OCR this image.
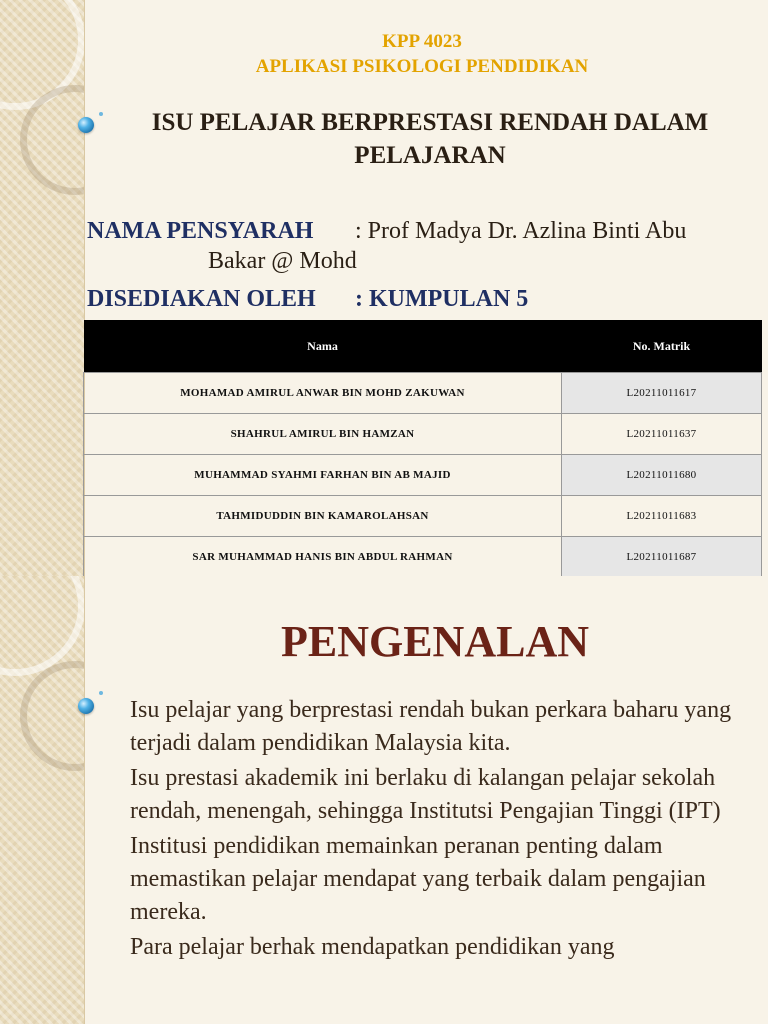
KPP 4023
APLIKASI PSIKOLOGI PENDIDIKAN
ISU PELAJAR BERPRESTASI RENDAH DALAM
PELAJARAN
NAMA PENSYARAH : Prof Madya Dr. Azlina Binti Abu
Bakar @ Mohd
DISEDIAKAN OLEH : KUMPULAN 5
Nama	No. Matrik
MOHAMAD AMIRUL ANWAR BIN MOHD ZAKUWAN	L20211011617
SHAHRUL AMIRUL BIN HAMZAN	L20211011637
MUHAMMAD SYAHMI FARHAN BIN AB MAJID	L20211011680
TAHMIDUDDIN BIN KAMAROLAHSAN	L20211011683
SAR MUHAMMAD HANIS BIN ABDUL RAHMAN	L20211011687
PENGENALAN

Isu pelajar yang berprestasi rendah bukan perkara baharu yang terjadi dalam pendidikan Malaysia kita.

Isu prestasi akademik ini berlaku di kalangan pelajar sekolah rendah, menengah, sehingga Institutsi Pengajian Tinggi (IPT)

Institusi pendidikan memainkan peranan penting dalam memastikan pelajar mendapat yang terbaik dalam pengajian mereka.

Para pelajar berhak mendapatkan pendidikan yang
